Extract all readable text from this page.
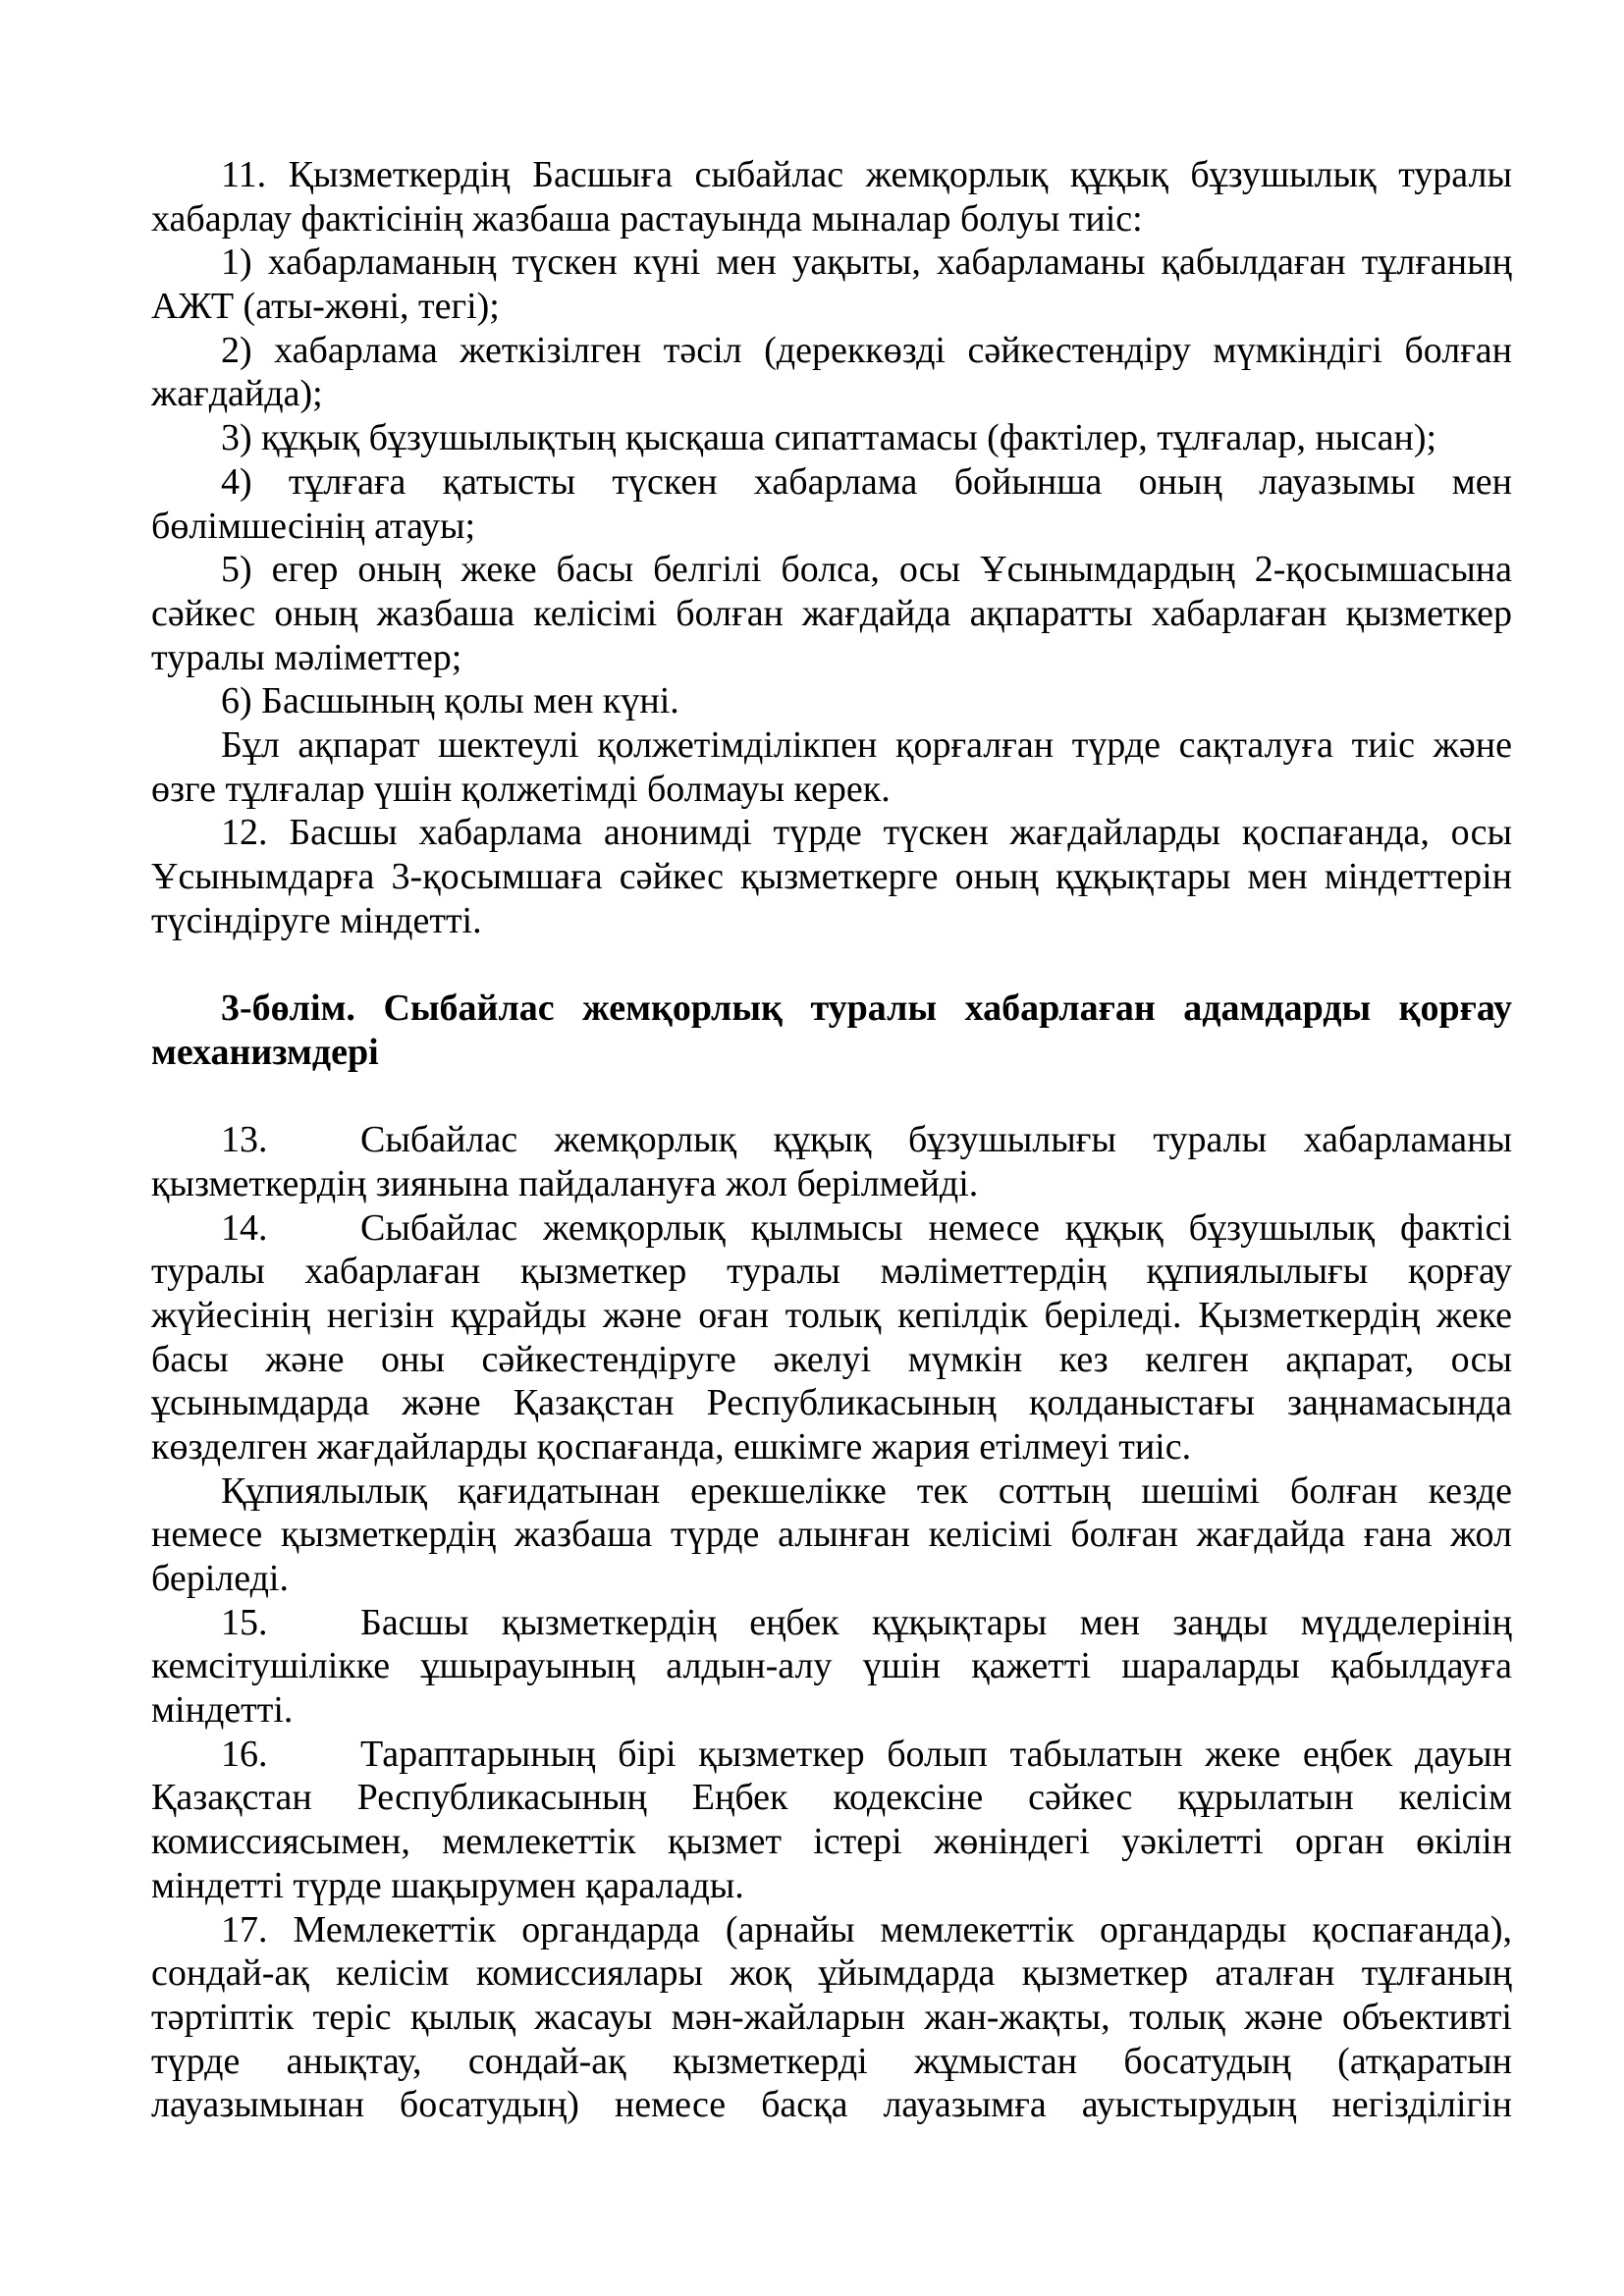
11. Қызметкердің Басшыға сыбайлас жемқорлық құқық бұзушылық туралы
хабарлау фактісінің жазбаша растауында мыналар болуы тиіс:
1) хабарламаның түскен күні мен уақыты, хабарламаны қабылдаған тұлғаның
АЖТ (аты-жөні, тегі);
2) хабарлама жеткізілген тәсіл (дереккөзді сәйкестендіру мүмкіндігі болған
жағдайда);
3) құқық бұзушылықтың қысқаша сипаттамасы (фактілер, тұлғалар, нысан);
4) тұлғаға қатысты түскен хабарлама бойынша оның лауазымы мен
бөлімшесінің атауы;
5) егер оның жеке басы белгілі болса, осы Ұсынымдардың 2-қосымшасына
сәйкес оның жазбаша келісімі болған жағдайда ақпаратты хабарлаған қызметкер
туралы мәліметтер;
6) Басшының қолы мен күні.
Бұл ақпарат шектеулі қолжетімділікпен қорғалған түрде сақталуға тиіс және
өзге тұлғалар үшін қолжетімді болмауы керек.
12. Басшы хабарлама анонимді түрде түскен жағдайларды қоспағанда, осы
Ұсынымдарға 3-қосымшаға сәйкес қызметкерге оның құқықтары мен міндеттерін
түсіндіруге міндетті.
3-бөлім. Сыбайлас жемқорлық туралы хабарлаған адамдарды қорғау
механизмдері
13. Сыбайлас жемқорлық құқық бұзушылығы туралы хабарламаны
қызметкердің зиянына пайдалануға жол берілмейді.
14. Сыбайлас жемқорлық қылмысы немесе құқық бұзушылық фактісі
туралы хабарлаған қызметкер туралы мәліметтердің құпиялылығы қорғау
жүйесінің негізін құрайды және оған толық кепілдік беріледі. Қызметкердің жеке
басы және оны сәйкестендіруге әкелуі мүмкін кез келген ақпарат, осы
ұсынымдарда және Қазақстан Республикасының қолданыстағы заңнамасында
көзделген жағдайларды қоспағанда, ешкімге жария етілмеуі тиіс.
Құпиялылық қағидатынан ерекшелікке тек соттың шешімі болған кезде
немесе қызметкердің жазбаша түрде алынған келісімі болған жағдайда ғана жол
беріледі.
15. Басшы қызметкердің еңбек құқықтары мен заңды мүдделерінің
кемсітушілікке ұшырауының алдын-алу үшін қажетті шараларды қабылдауға
міндетті.
16. Тараптарының бірі қызметкер болып табылатын жеке еңбек дауын
Қазақстан Республикасының Еңбек кодексіне сәйкес құрылатын келісім
комиссиясымен, мемлекеттік қызмет істері жөніндегі уәкілетті орган өкілін
міндетті түрде шақырумен қаралады.
17. Мемлекеттік органдарда (арнайы мемлекеттік органдарды қоспағанда),
сондай-ақ келісім комиссиялары жоқ ұйымдарда қызметкер аталған тұлғаның
тәртіптік теріс қылық жасауы мән-жайларын жан-жақты, толық және объективті
түрде анықтау, сондай-ақ қызметкерді жұмыстан босатудың (атқаратын
лауазымынан босатудың) немесе басқа лауазымға ауыстырудың негізділігін
